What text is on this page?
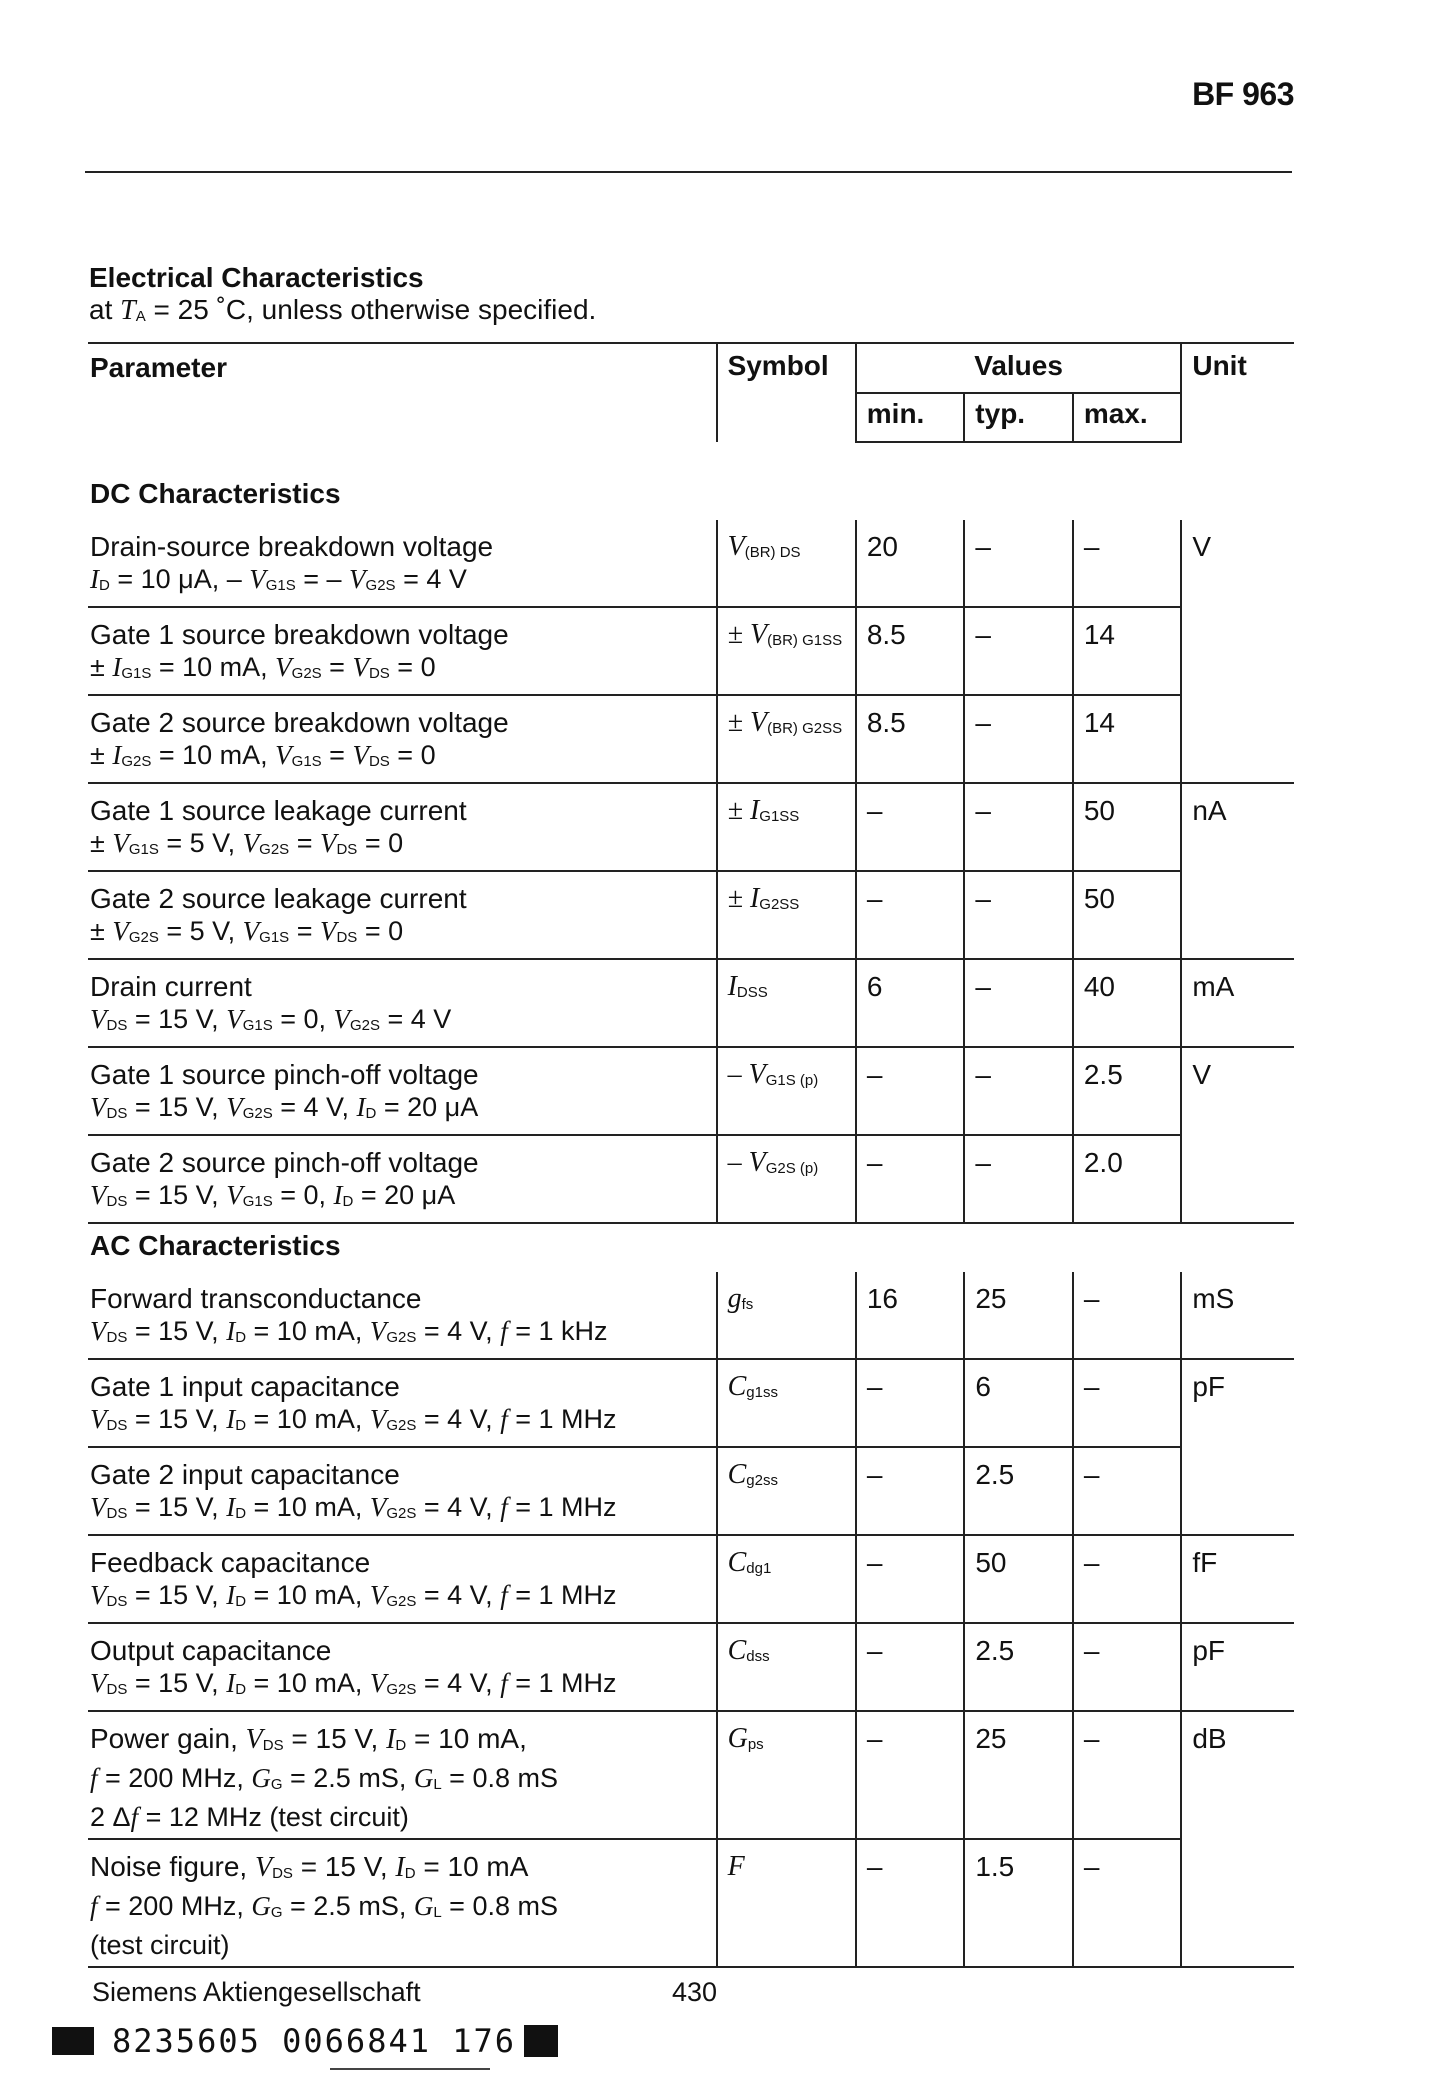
BF 963
Electrical Characteristics
at $T_A = 25$ ˚C, unless otherwise specified.
Parameter	Symbol	Values			Unit
		min.	typ.	max.	
DC Characteristics
Drain-source breakdown voltage
$I_D = 10$ μA, – $V_{G1S}$ = – $V_{G2S} = 4$ V	$V_{(BR) DS}$	20	–	–	V

Gate 1 source breakdown voltage
± $I_{G1S} = 10$ mA, $V_{G2S} = V_{DS} = 0$	± $V_{(BR) G1SS}$	8.5	–	14	

Gate 2 source breakdown voltage
± $I_{G2S} = 10$ mA, $V_{G1S} = V_{DS} = 0$	± $V_{(BR) G2SS}$	8.5	–	14	

Gate 1 source leakage current
± $V_{G1S} = 5$ V, $V_{G2S} = V_{DS} = 0$	± $I_{G1SS}$	–	–	50	nA

Gate 2 source leakage current
± $V_{G2S} = 5$ V, $V_{G1S} = V_{DS} = 0$	± $I_{G2SS}$	–	–	50	

Drain current
$V_{DS} = 15$ V, $V_{G1S} = 0$, $V_{G2S} = 4$ V	$I_{DSS}$	6	–	40	mA

Gate 1 source pinch-off voltage
$V_{DS} = 15$ V, $V_{G2S} = 4$ V, $I_D = 20$ μA	– $V_{G1S (p)}$	–	–	2.5	V

Gate 2 source pinch-off voltage
$V_{DS} = 15$ V, $V_{G1S} = 0$, $I_D = 20$ μA	– $V_{G2S (p)}$	–	–	2.0	
AC Characteristics
Forward transconductance
$V_{DS} = 15$ V, $I_D = 10$ mA, $V_{G2S} = 4$ V, f = 1 kHz	$g_{fs}$	16	25	–	mS

Gate 1 input capacitance
$V_{DS} = 15$ V, $I_D = 10$ mA, $V_{G2S} = 4$ V, f = 1 MHz	$C_{g1ss}$	–	6	–	pF

Gate 2 input capacitance
$V_{DS} = 15$ V, $I_D = 10$ mA, $V_{G2S} = 4$ V, f = 1 MHz	$C_{g2ss}$	–	2.5	–	

Feedback capacitance
$V_{DS} = 15$ V, $I_D = 10$ mA, $V_{G2S} = 4$ V, f = 1 MHz	$C_{dg1}$	–	50	–	fF

Output capacitance
$V_{DS} = 15$ V, $I_D = 10$ mA, $V_{G2S} = 4$ V, f = 1 MHz	$C_{dss}$	–	2.5	–	pF

Power gain, $V_{DS} = 15$ V, $I_D = 10$ mA,
f = 200 MHz, $G_G = 2.5$ mS, $G_L = 0.8$ mS
2 Δf = 12 MHz (test circuit)	$G_{ps}$	–	25	–	dB

Noise figure, $V_{DS} = 15$ V, $I_D = 10$ mA
f = 200 MHz, $G_G = 2.5$ mS, $G_L = 0.8$ mS
(test circuit)	F	–	1.5	–	
Siemens Aktiengesellschaft	430
8235605 0066841 176
